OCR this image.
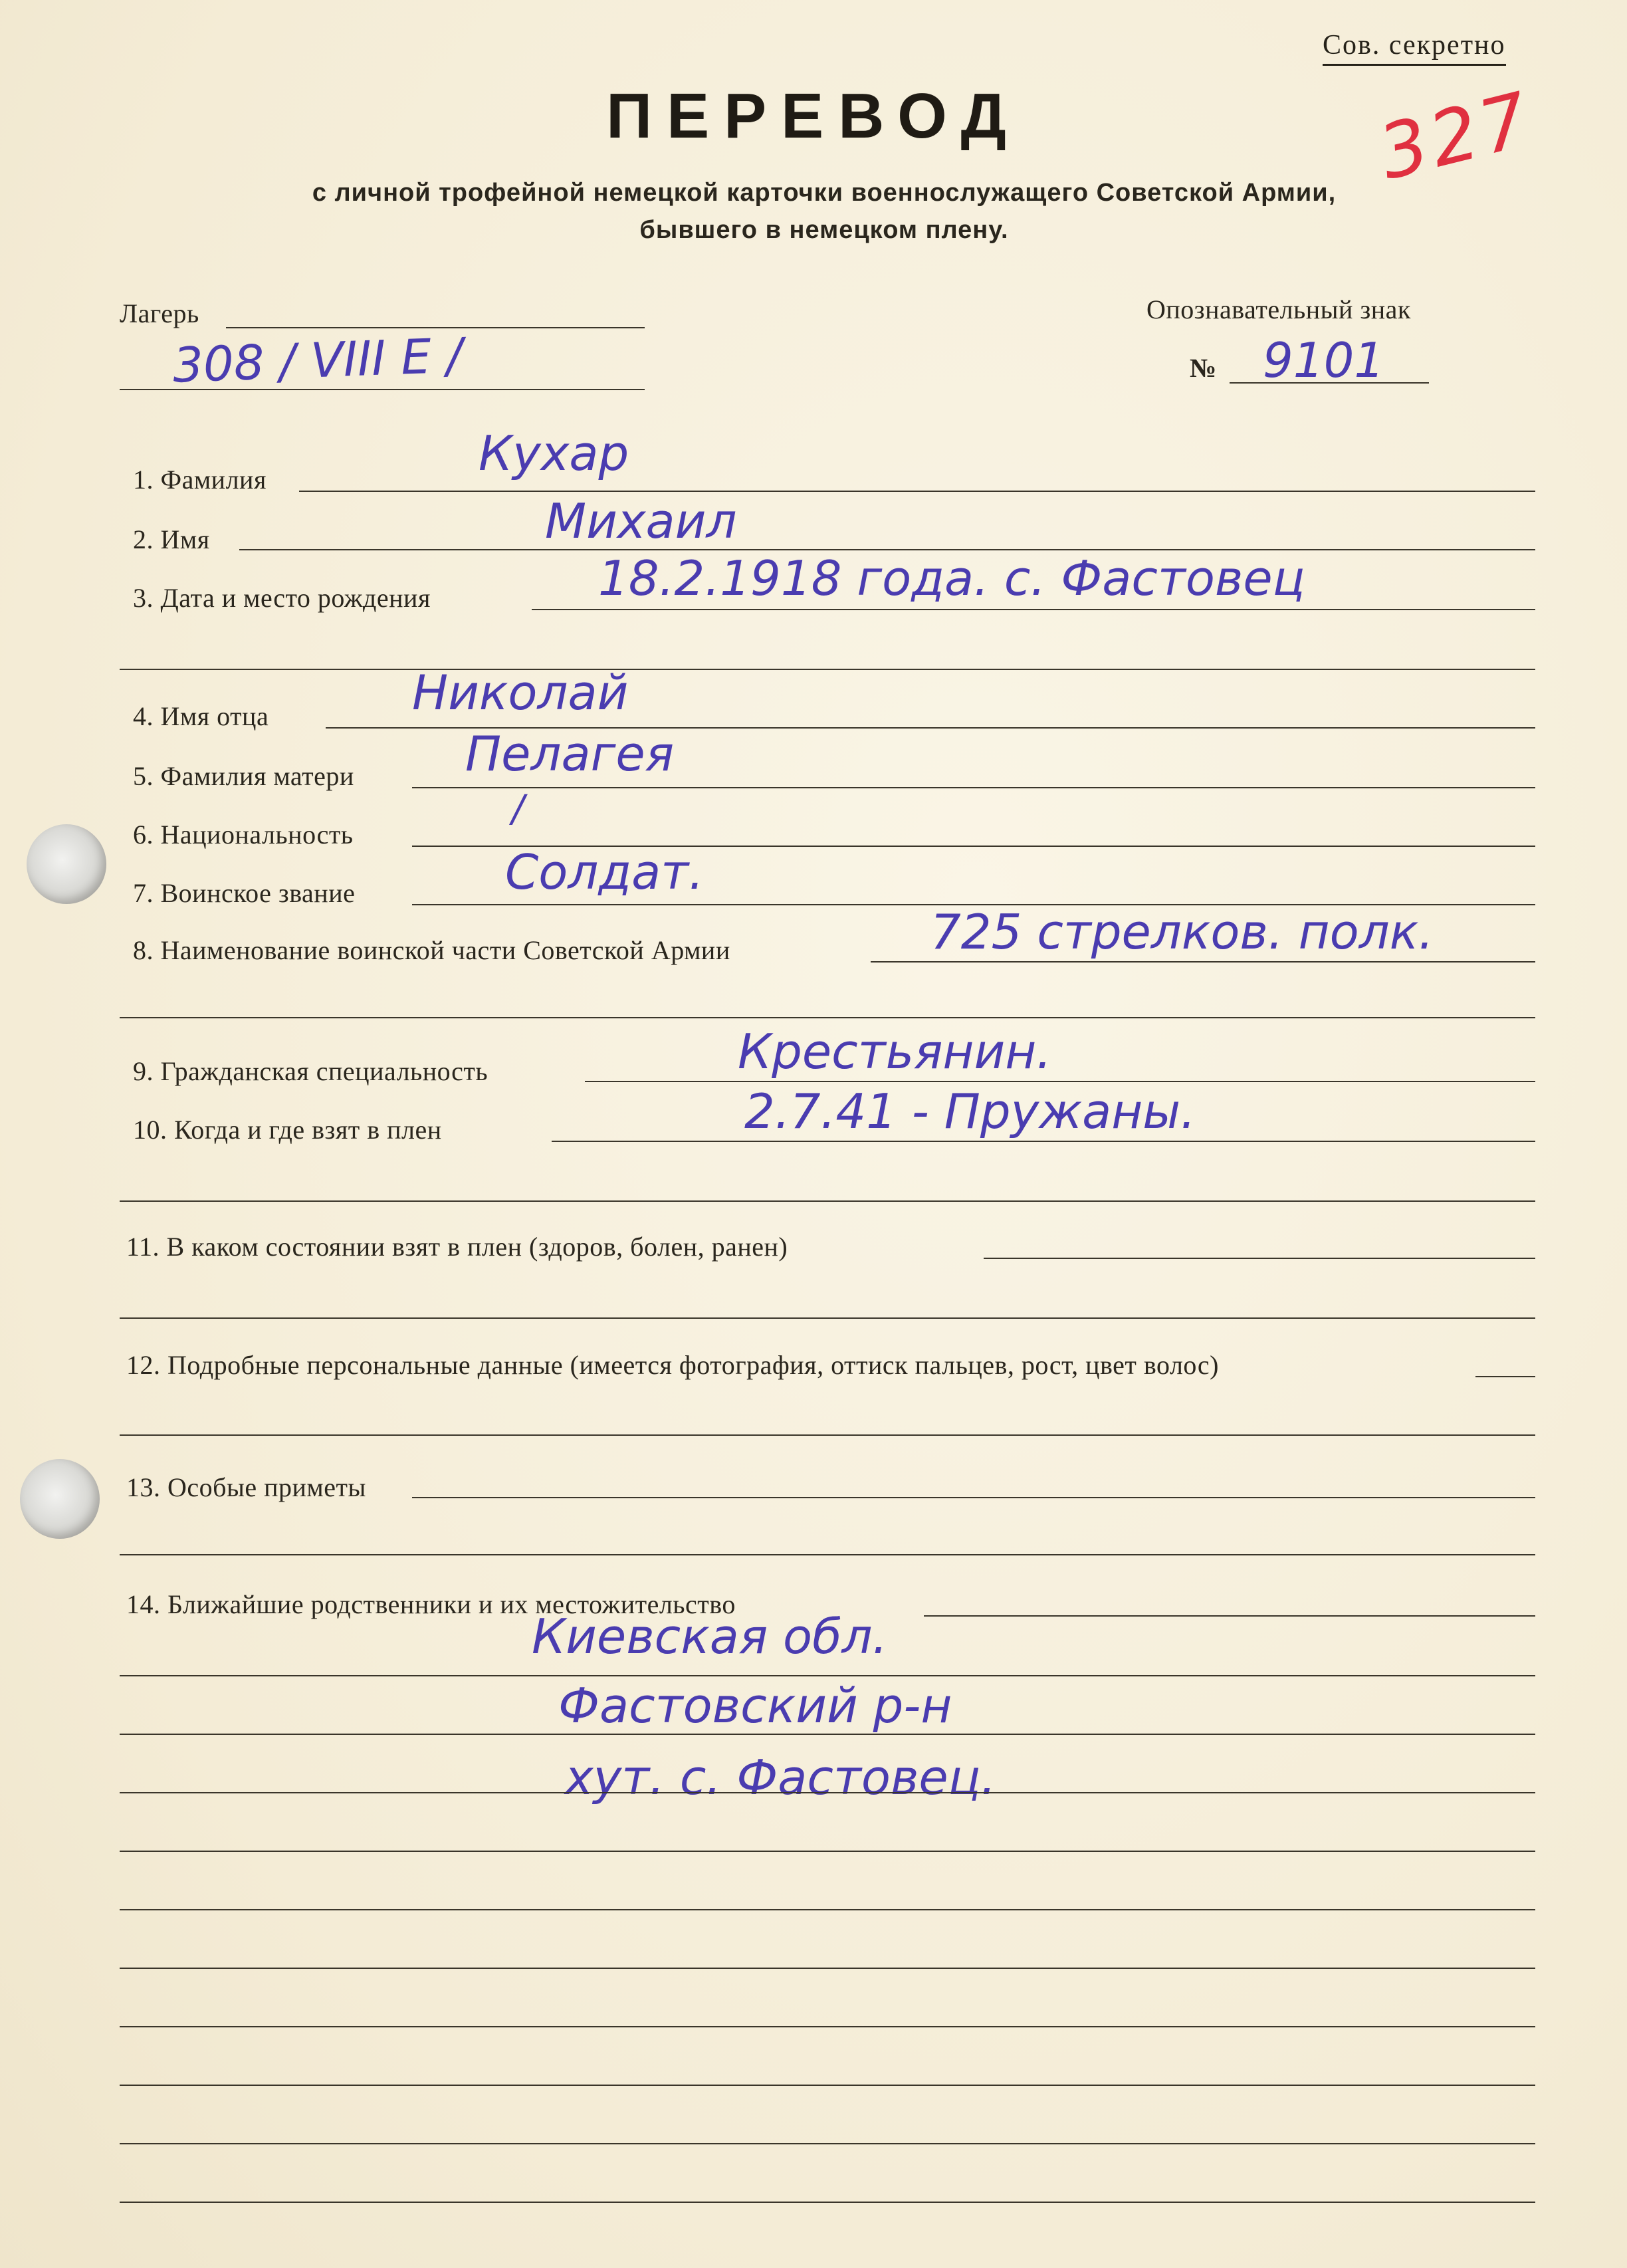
Сов. секретно
327
ПЕРЕВОД
с личной трофейной немецкой карточки военнослужащего Советской Армии,
бывшего в немецком плену.
Лагерь
308 / VIII E /
Опознавательный знак
№ 9101
1. Фамилия	Кухар
2. Имя	Михаил
3. Дата и место рождения	18.2.1918 года. с. Фастовец
4. Имя отца	Николай
5. Фамилия матери Пелагея
6. Национальность
/
7. Воинское звание	Солдат.
8. Наименование воинской части Советской Армии	725 стрелков. полк.
9. Гражданская специальность	Крестьянин.
10. Когда и где взят в плен	2.7.41 - Пружаны.
11. В каком состоянии взят в плен (здоров, болен, ранен)
12. Подробные персональные данные (имеется фотография, оттиск пальцев, рост, цвет волос)
13. Особые приметы
14. Ближайшие родственники и их местожительство
Киевская обл.
Фастовский р-н
хут. с. Фастовец.
